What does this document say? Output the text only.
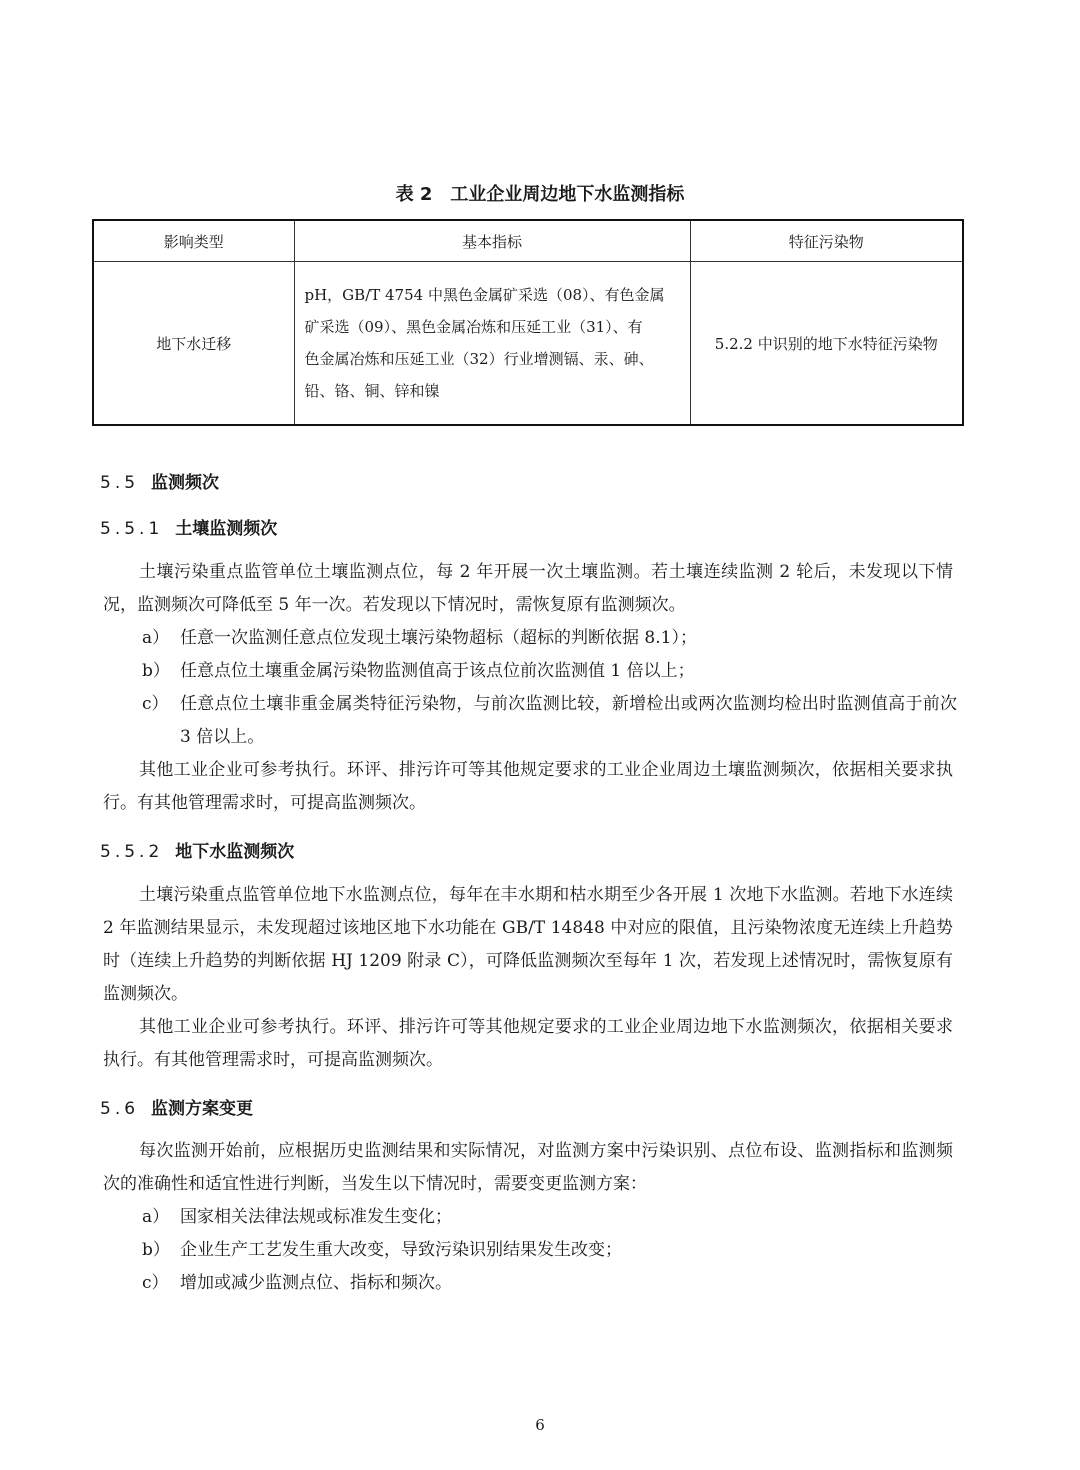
表 2 工业企业周边地下水监测指标
影响类型	基本指标	特征污染物
地下水迁移	pH，GB/T 4754 中黑色金属矿采选（08）、有色金属
矿采选（09）、黑色金属冶炼和压延工业（31）、有
色金属冶炼和压延工业（32）行业增测镉、汞、砷、
铅、铬、铜、锌和镍	5.2.2 中识别的地下水特征污染物
5.5 监测频次
5.5.1 土壤监测频次

土壤污染重点监管单位土壤监测点位，每 2 年开展一次土壤监测。若土壤连续监测 2 轮后，未发现以下情况，监测频次可降低至 5 年一次。若发现以下情况时，需恢复原有监测频次。

a） 任意一次监测任意点位发现土壤污染物超标（超标的判断依据 8.1）；
b） 任意点位土壤重金属污染物监测值高于该点位前次监测值 1 倍以上；
c） 任意点位土壤非重金属类特征污染物，与前次监测比较，新增检出或两次监测均检出时监测值高于前次 3 倍以上。

其他工业企业可参考执行。环评、排污许可等其他规定要求的工业企业周边土壤监测频次，依据相关要求执行。有其他管理需求时，可提高监测频次。

5.5.2 地下水监测频次

土壤污染重点监管单位地下水监测点位，每年在丰水期和枯水期至少各开展 1 次地下水监测。若地下水连续 2 年监测结果显示，未发现超过该地区地下水功能在 GB/T 14848 中对应的限值，且污染物浓度无连续上升趋势时（连续上升趋势的判断依据 HJ 1209 附录 C），可降低监测频次至每年 1 次，若发现上述情况时，需恢复原有监测频次。

其他工业企业可参考执行。环评、排污许可等其他规定要求的工业企业周边地下水监测频次，依据相关要求执行。有其他管理需求时，可提高监测频次。

5.6 监测方案变更

每次监测开始前，应根据历史监测结果和实际情况，对监测方案中污染识别、点位布设、监测指标和监测频次的准确性和适宜性进行判断，当发生以下情况时，需要变更监测方案：

a） 国家相关法律法规或标准发生变化；
b） 企业生产工艺发生重大改变，导致污染识别结果发生改变；
c） 增加或减少监测点位、指标和频次。
6
